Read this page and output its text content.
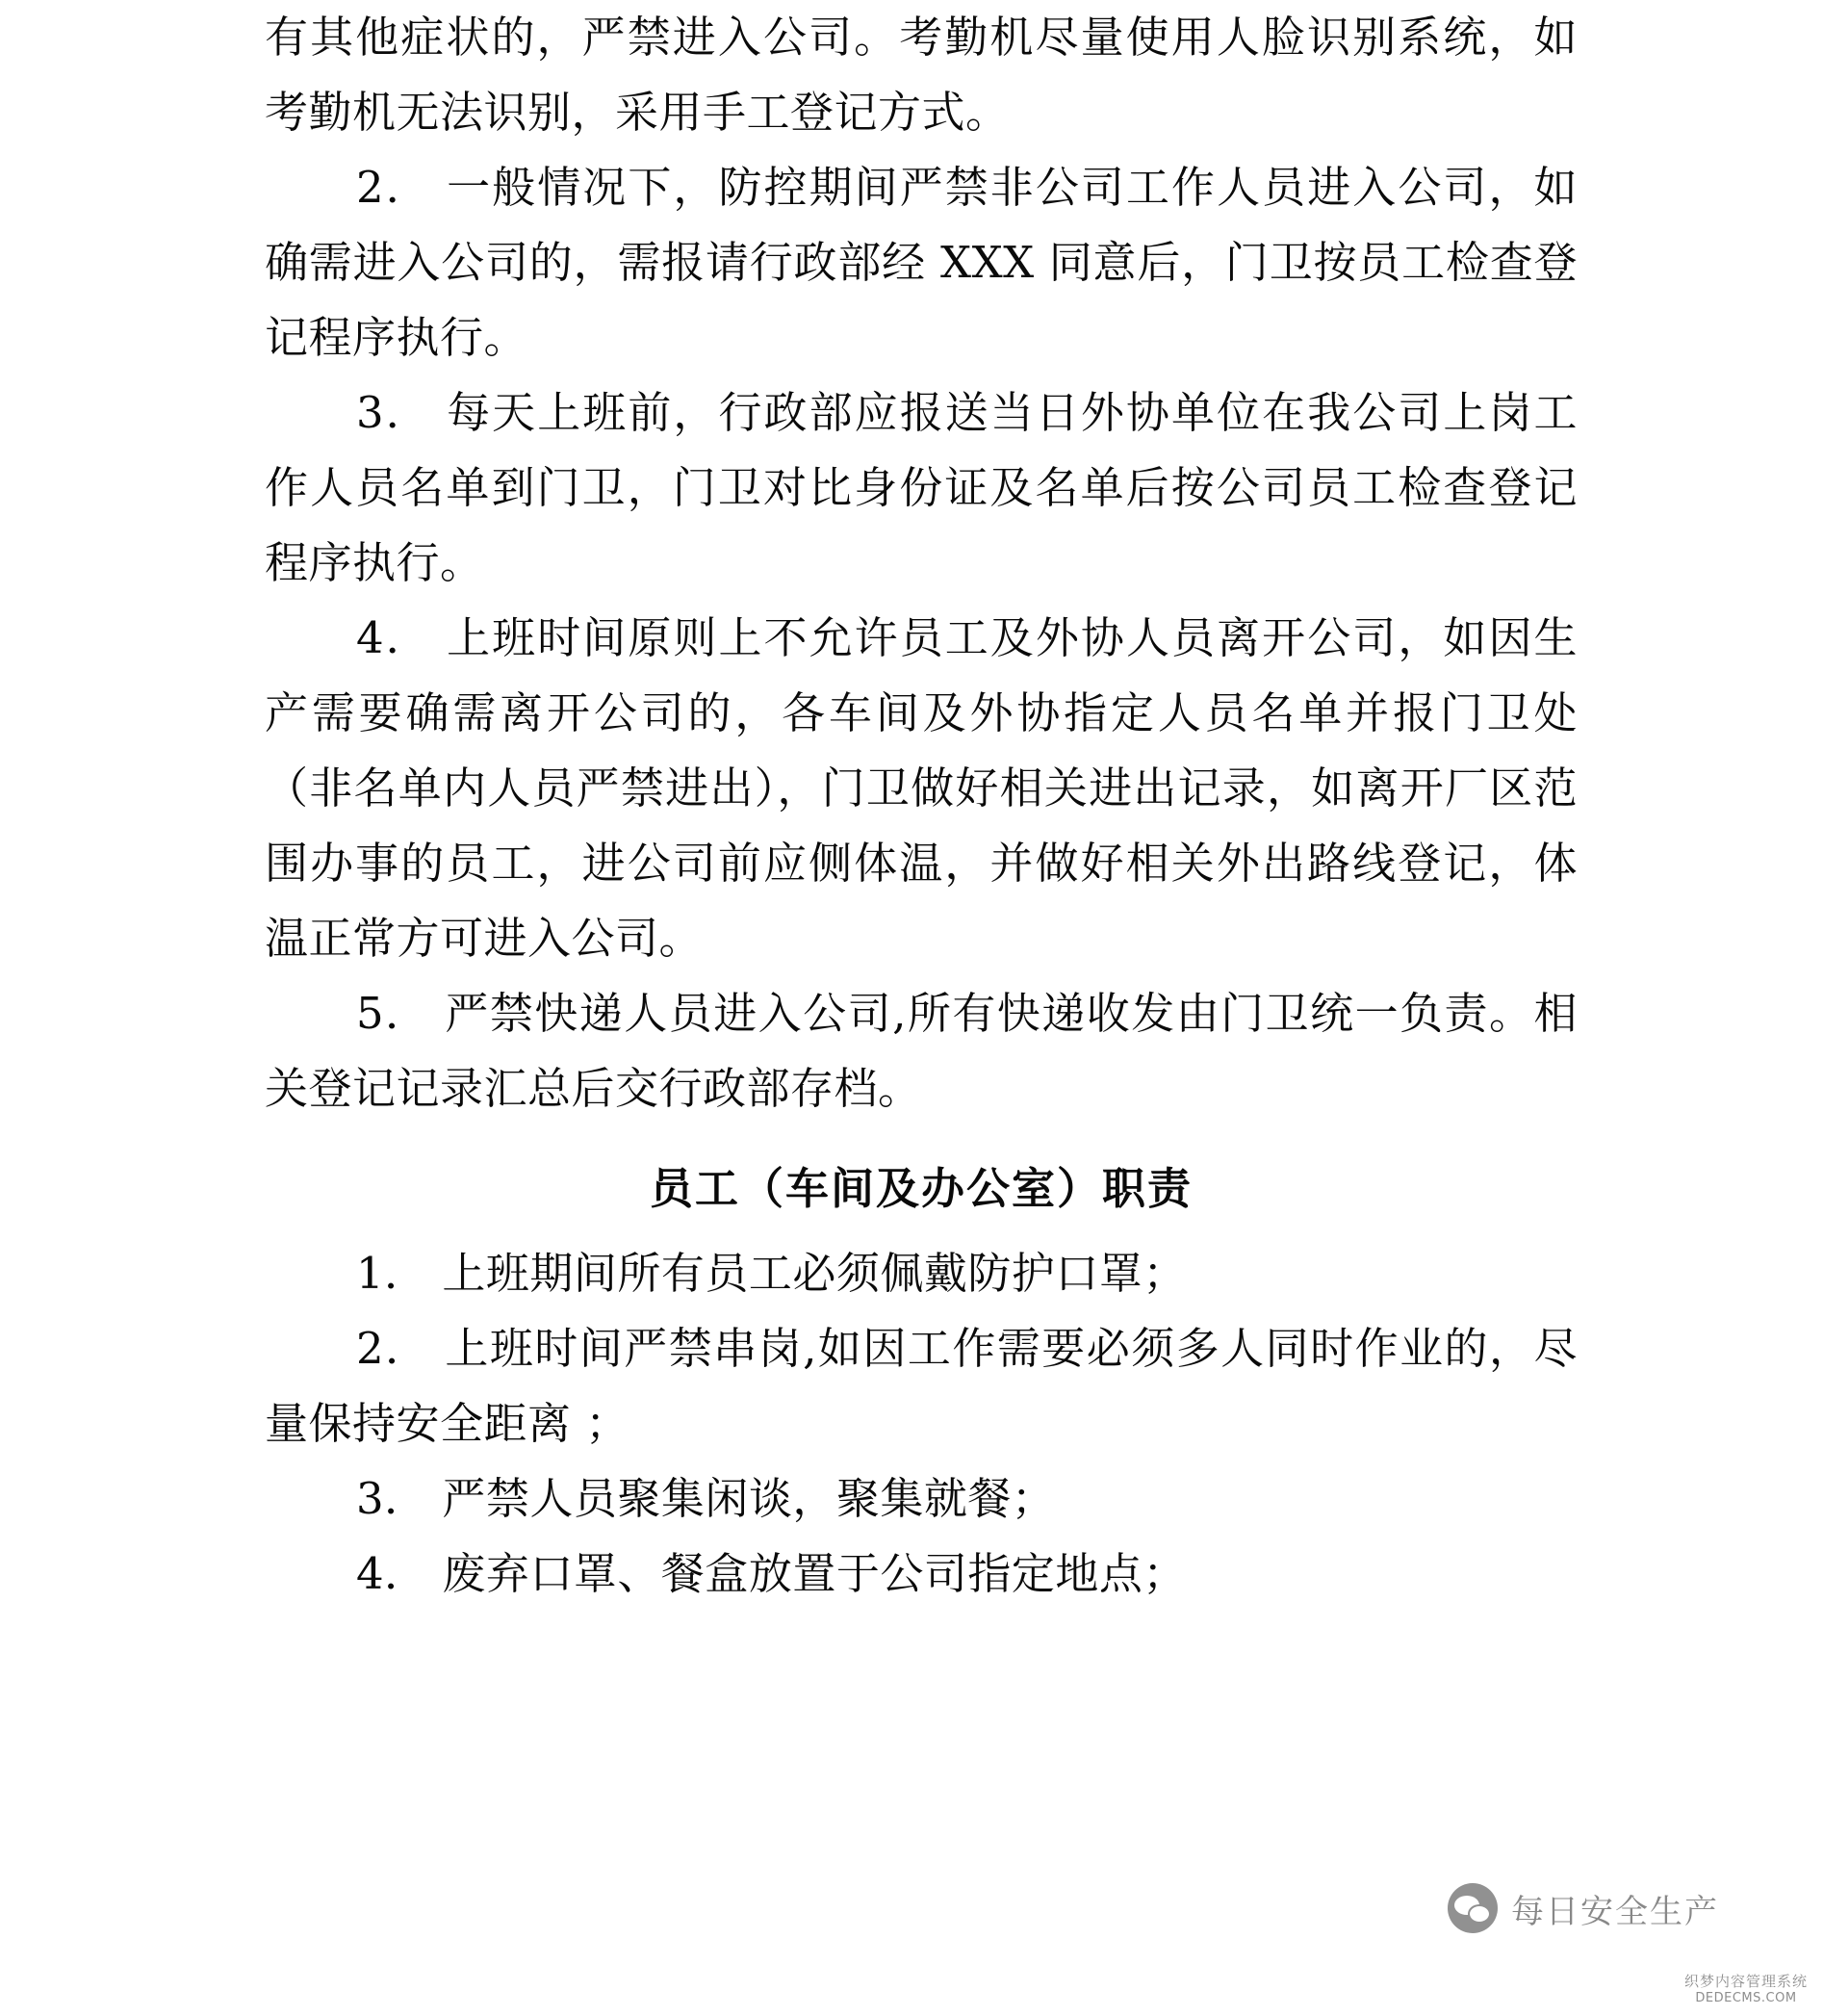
有其他症状的，严禁进入公司。考勤机尽量使用人脸识别系统，如考勤机无法识别，采用手工登记方式。

2． 一般情况下，防控期间严禁非公司工作人员进入公司，如确需进入公司的，需报请行政部经 XXX 同意后，门卫按员工检查登记程序执行。

3． 每天上班前，行政部应报送当日外协单位在我公司上岗工作人员名单到门卫，门卫对比身份证及名单后按公司员工检查登记程序执行。

4． 上班时间原则上不允许员工及外协人员离开公司，如因生产需要确需离开公司的，各车间及外协指定人员名单并报门卫处（非名单内人员严禁进出），门卫做好相关进出记录，如离开厂区范围办事的员工，进公司前应侧体温，并做好相关外出路线登记，体温正常方可进入公司。

5． 严禁快递人员进入公司,所有快递收发由门卫统一负责。相关登记记录汇总后交行政部存档。

员工（车间及办公室）职责

1． 上班期间所有员工必须佩戴防护口罩；

2． 上班时间严禁串岗,如因工作需要必须多人同时作业的，尽量保持安全距离 ；

3． 严禁人员聚集闲谈，聚集就餐；

4． 废弃口罩、餐盒放置于公司指定地点；

每日安全生产
织梦内容管理系统
DEDECMS.COM
